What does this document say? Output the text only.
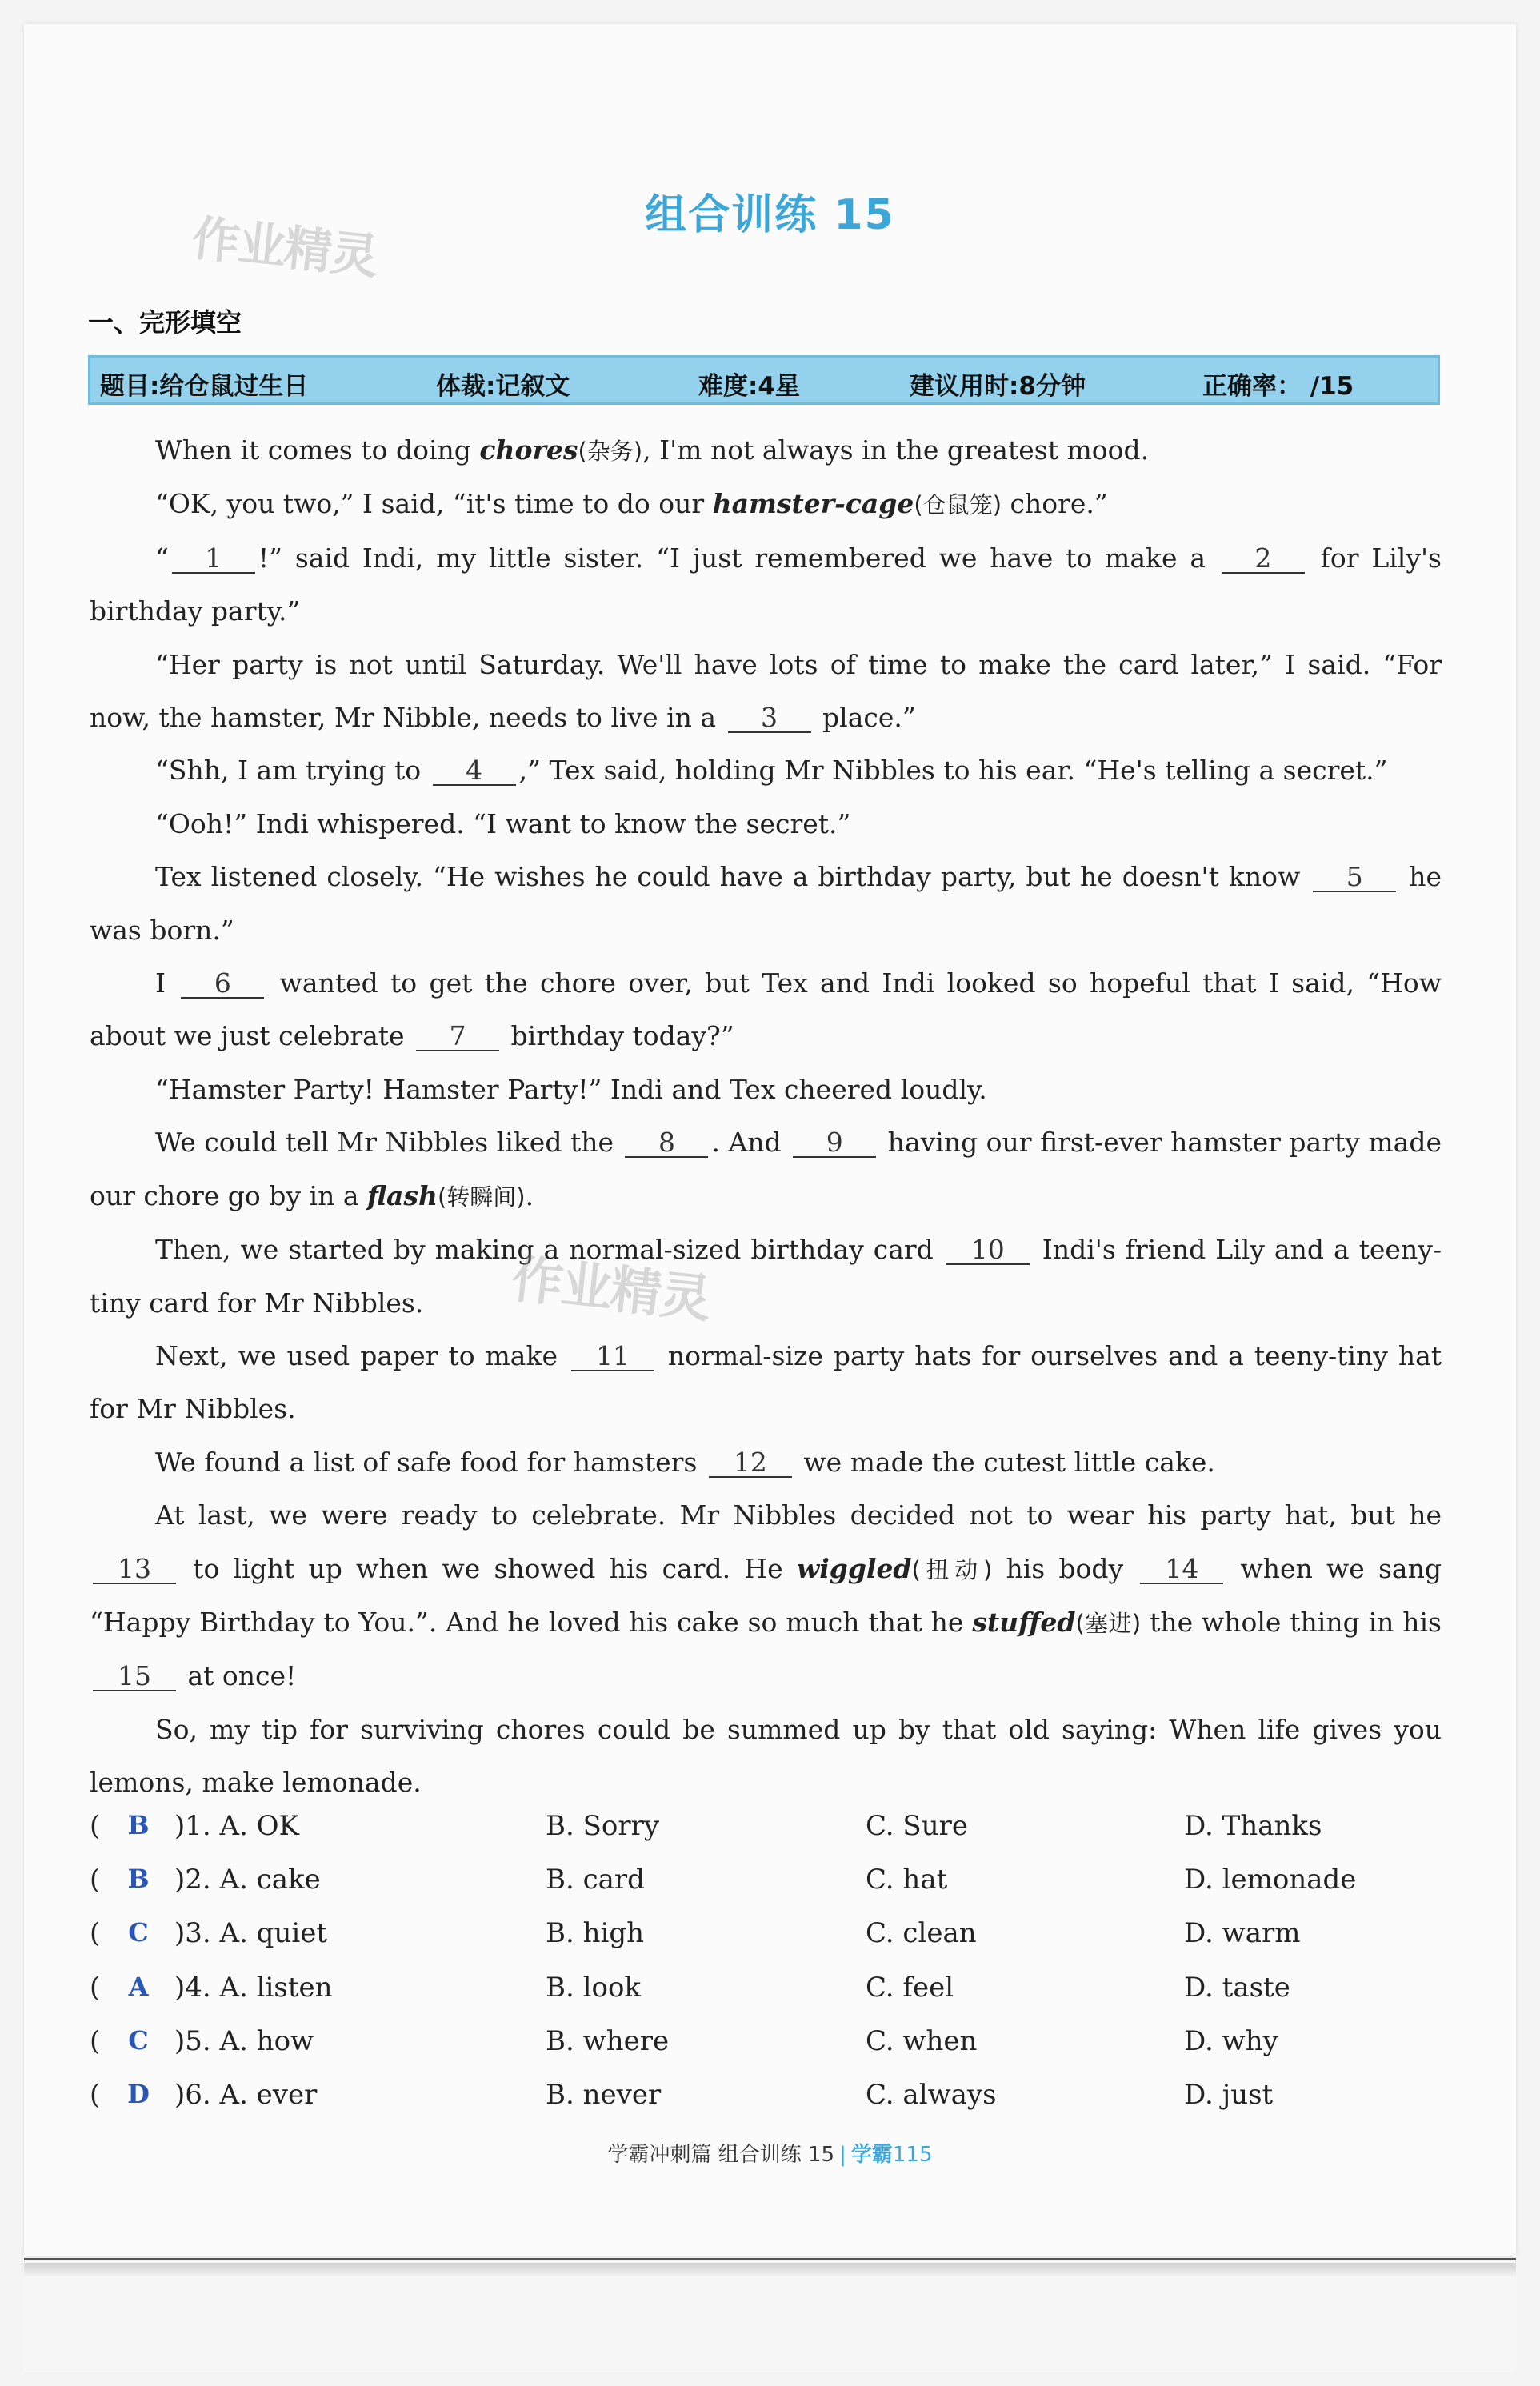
组合训练 15
作业精灵
一、完形填空
题目:给仓鼠过生日	体裁:记叙文	难度:4星	建议用时:8分钟	正确率： /15

When it comes to doing chores(杂务), I'm not always in the greatest mood.

“OK, you two,” I said, “it's time to do our hamster-cage(仓鼠笼) chore.”

“ 1 !” said Indi, my little sister. “I just remembered we have to make a 2 for Lily's birthday party.”

“Her party is not until Saturday. We'll have lots of time to make the card later,” I said. “For now, the hamster, Mr Nibble, needs to live in a 3 place.”

“Shh, I am trying to 4 ,” Tex said, holding Mr Nibbles to his ear. “He's telling a secret.”

“Ooh!” Indi whispered. “I want to know the secret.”

Tex listened closely. “He wishes he could have a birthday party, but he doesn't know 5 he was born.”

I 6 wanted to get the chore over, but Tex and Indi looked so hopeful that I said, “How about we just celebrate 7 birthday today?”

“Hamster Party! Hamster Party!” Indi and Tex cheered loudly.

We could tell Mr Nibbles liked the 8 . And 9 having our first-ever hamster party made our chore go by in a flash(转瞬间).

Then, we started by making a normal-sized birthday card 10 Indi's friend Lily and a teeny-tiny card for Mr Nibbles.

Next, we used paper to make 11 normal-size party hats for ourselves and a teeny-tiny hat for Mr Nibbles.

We found a list of safe food for hamsters 12 we made the cutest little cake.

At last, we were ready to celebrate. Mr Nibbles decided not to wear his party hat, but he 13 to light up when we showed his card. He wiggled(扭动) his body 14 when we sang “Happy Birthday to You.”. And he loved his cake so much that he stuffed(塞进) the whole thing in his 15 at once!

So, my tip for surviving chores could be summed up by that old saying: When life gives you lemons, make lemonade.

作业精灵
( B )1. A. OK	B. Sorry	C. Sure	D. Thanks
( B )2. A. cake	B. card	C. hat	D. lemonade
( C )3. A. quiet	B. high	C. clean	D. warm
( A )4. A. listen	B. look	C. feel	D. taste
( C )5. A. how	B. where	C. when	D. why
( D )6. A. ever	B. never	C. always	D. just
学霸冲刺篇 组合训练 15 | 学霸115
